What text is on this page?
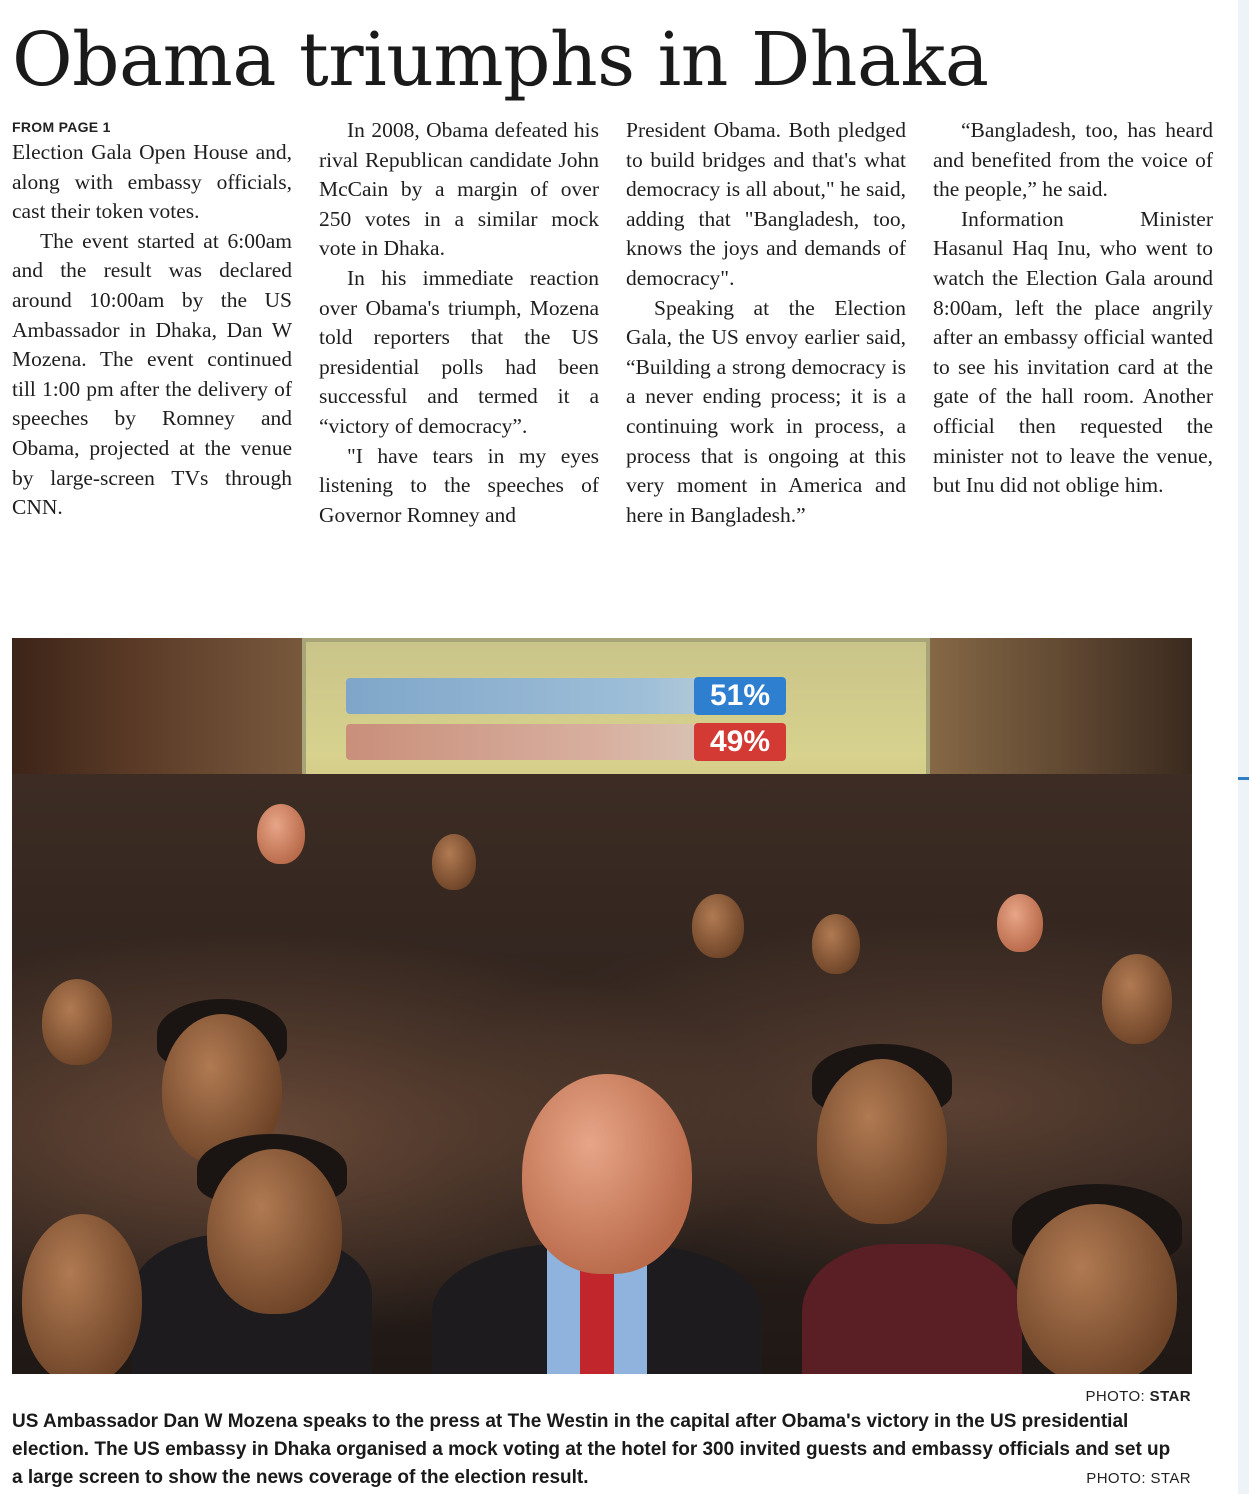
Obama triumphs in Dhaka
FROM PAGE 1

Election Gala Open House and, along with embassy officials, cast their token votes.

The event started at 6:00am and the result was declared around 10:00am by the US Ambassador in Dhaka, Dan W Mozena. The event continued till 1:00 pm after the delivery of speeches by Romney and Obama, projected at the venue by large-screen TVs through CNN.

In 2008, Obama defeated his rival Republican candidate John McCain by a margin of over 250 votes in a similar mock vote in Dhaka.

In his immediate reaction over Obama's triumph, Mozena told reporters that the US presidential polls had been successful and termed it a “victory of democracy”.

"I have tears in my eyes listening to the speeches of Governor Romney and

President Obama. Both pledged to build bridges and that's what democracy is all about," he said, adding that "Bangladesh, too, knows the joys and demands of democracy".

Speaking at the Election Gala, the US envoy earlier said, “Building a strong democracy is a never ending process; it is a continuing work in process, a process that is ongoing at this very moment in America and here in Bangladesh.”

“Bangladesh, too, has heard and benefited from the voice of the people,” he said.

Information Minister Hasanul Haq Inu, who went to watch the Election Gala around 8:00am, left the place angrily after an embassy official wanted to see his invitation card at the gate of the hall room. Another official then requested the minister not to leave the venue, but Inu did not oblige him.

51%
49%
PHOTO: STAR
US Ambassador Dan W Mozena speaks to the press at The Westin in the capital after Obama's victory in the US presidential election. The US embassy in Dhaka organised a mock voting at the hotel for 300 invited guests and embassy officials and set up a large screen to show the news coverage of the election result.	PHOTO: STAR
